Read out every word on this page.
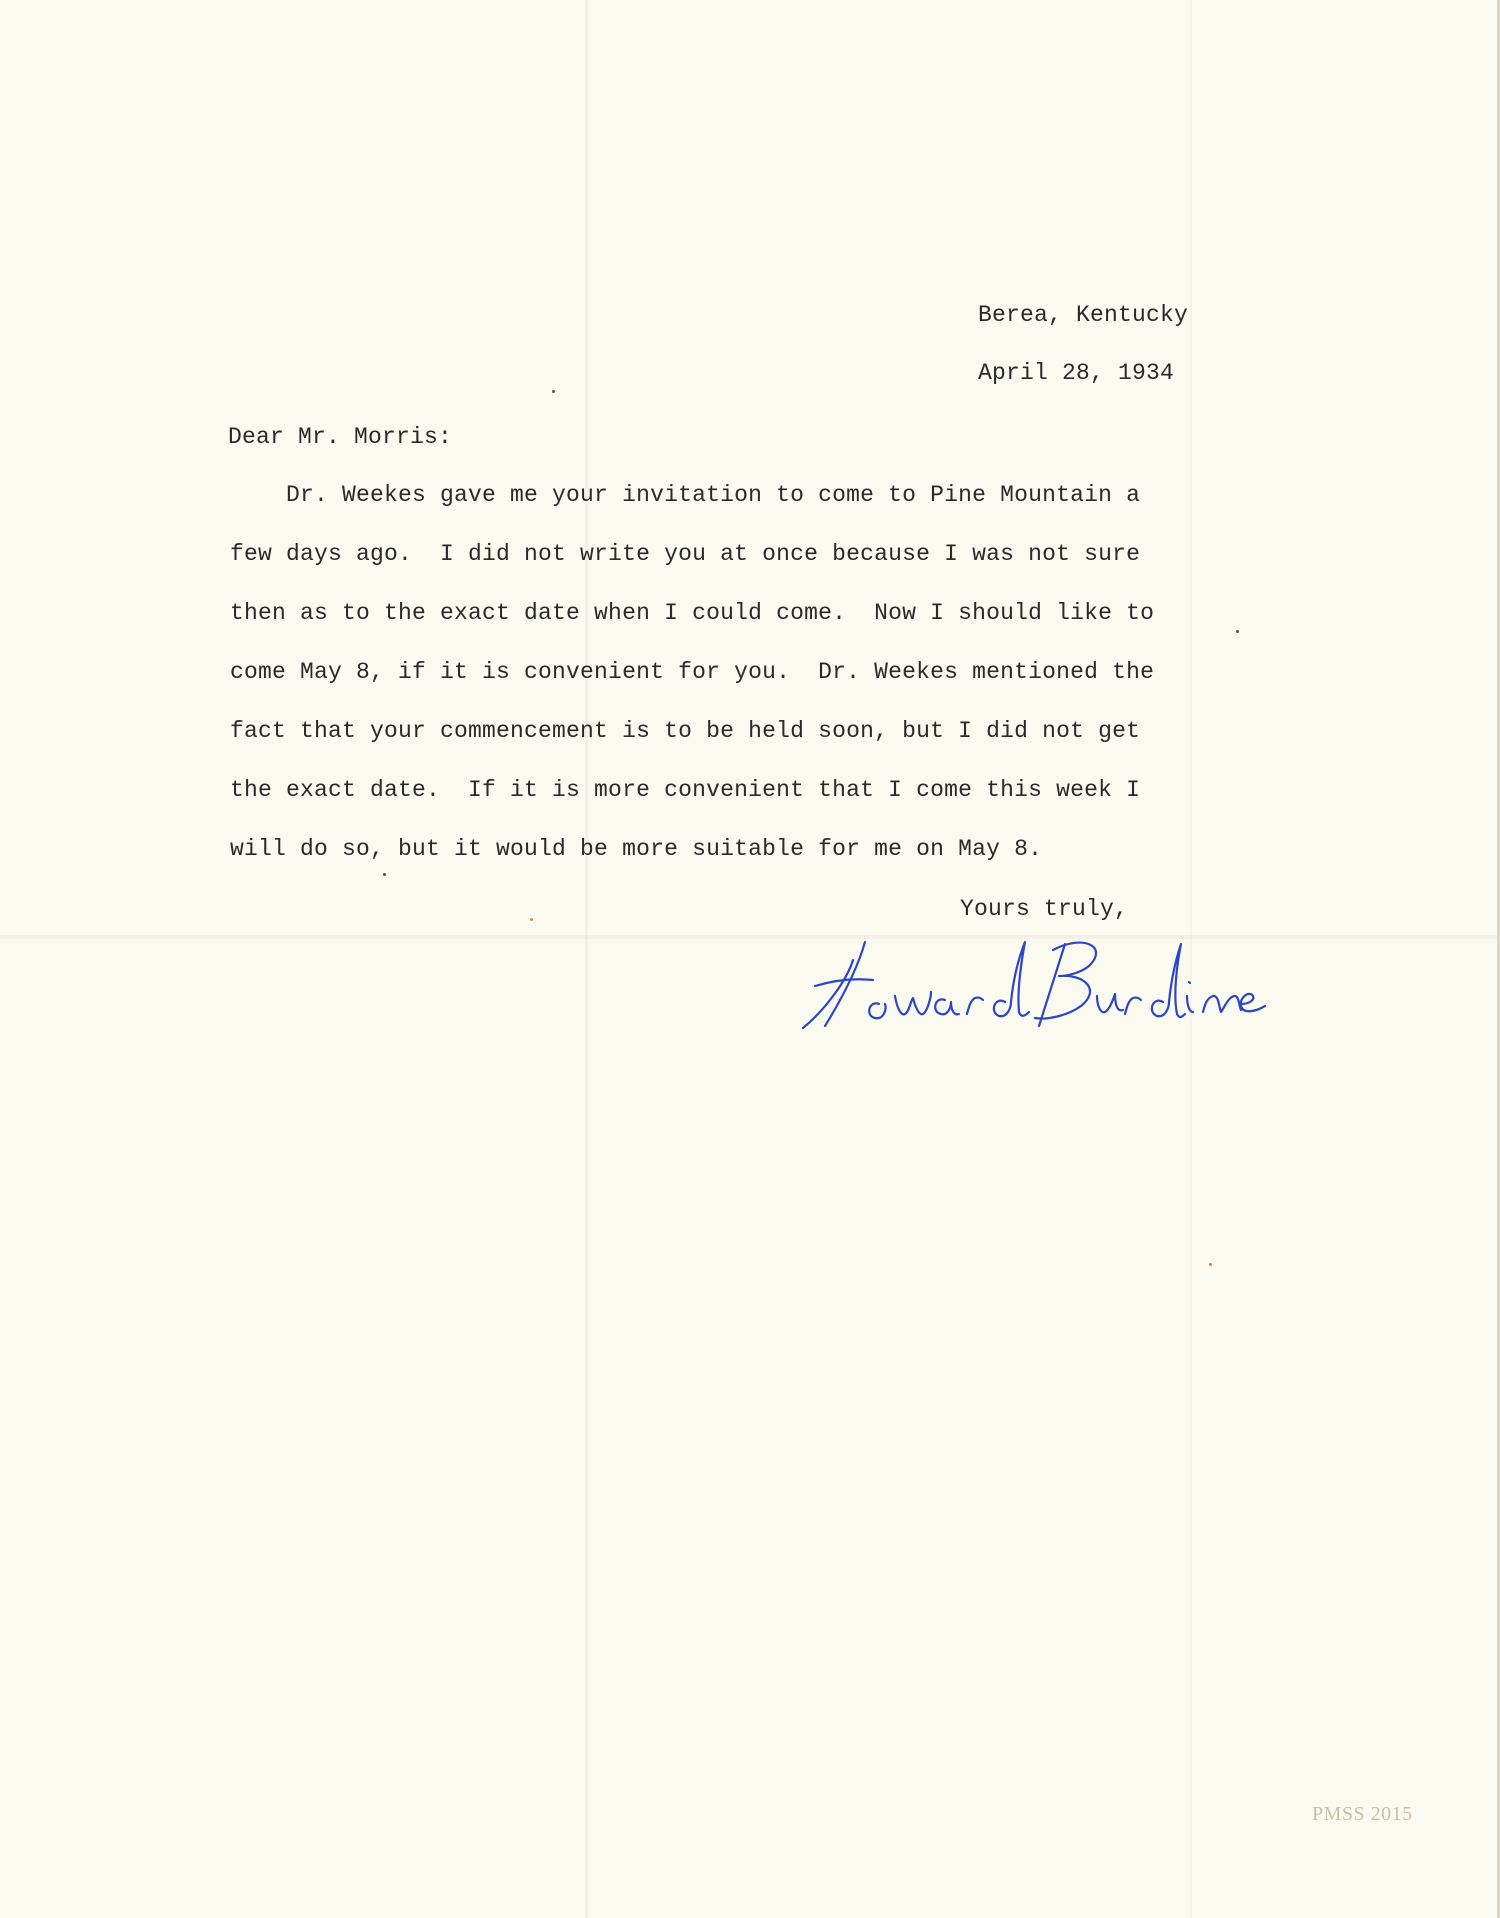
Berea, Kentucky
April 28, 1934
Dear Mr. Morris:
Dr. Weekes gave me your invitation to come to Pine Mountain a
few days ago.  I did not write you at once because I was not sure
then as to the exact date when I could come.  Now I should like to
come May 8, if it is convenient for you.  Dr. Weekes mentioned the
fact that your commencement is to be held soon, but I did not get
the exact date.  If it is more convenient that I come this week I
will do so, but it would be more suitable for me on May 8.
Yours truly,
PMSS 2015
